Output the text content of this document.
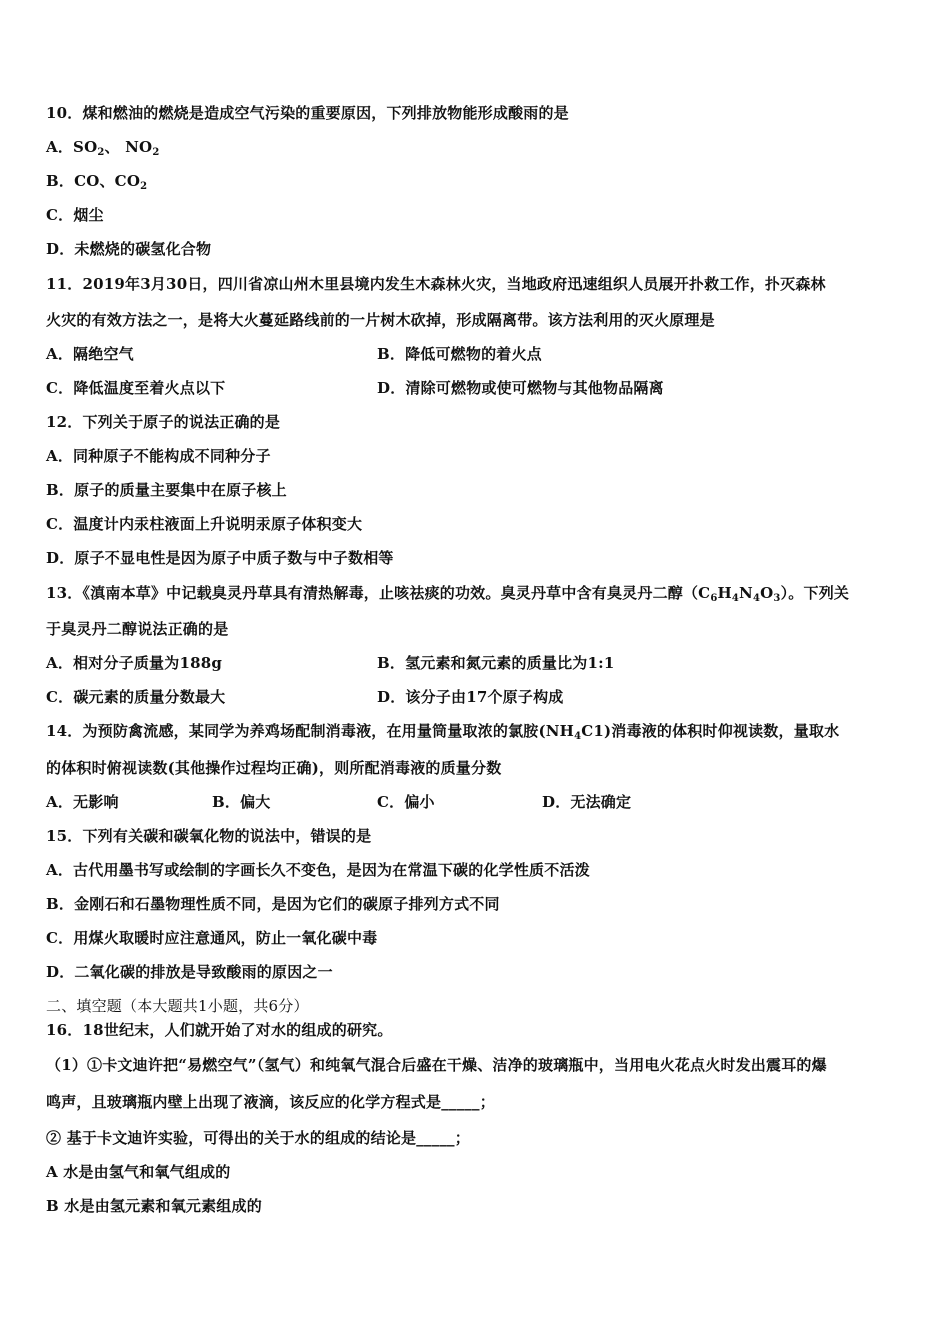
10．煤和燃油的燃烧是造成空气污染的重要原因，下列排放物能形成酸雨的是
A．$SO_2$、 $NO_2$
B．CO、$CO_2$
C．烟尘
D．未燃烧的碳氢化合物
11．2019年3月30日，四川省凉山州木里县境内发生木森林火灾，当地政府迅速组织人员展开扑救工作，扑灭森林
火灾的有效方法之一，是将大火蔓延路线前的一片树木砍掉，形成隔离带。该方法利用的灭火原理是
A．隔绝空气	B．降低可燃物的着火点
C．降低温度至着火点以下	D．清除可燃物或使可燃物与其他物品隔离
12．下列关于原子的说法正确的是
A．同种原子不能构成不同种分子
B．原子的质量主要集中在原子核上
C．温度计内汞柱液面上升说明汞原子体积变大
D．原子不显电性是因为原子中质子数与中子数相等
13．《滇南本草》中记载臭灵丹草具有清热解毒，止咳祛痰的功效。臭灵丹草中含有臭灵丹二醇$(C_6H_4N_4O_3)$。下列关
于臭灵丹二醇说法正确的是
A．相对分子质量为188g	B．氢元素和氮元素的质量比为1:1
C．碳元素的质量分数最大	D．该分子由17个原子构成
14．为预防禽流感，某同学为养鸡场配制消毒液，在用量筒量取浓的氯胺$(NH_4C1)$消毒液的体积时仰视读数，量取水
的体积时俯视读数(其他操作过程均正确)，则所配消毒液的质量分数
A．无影响	B．偏大	C．偏小	D．无法确定
15．下列有关碳和碳氧化物的说法中，错误的是
A．古代用墨书写或绘制的字画长久不变色，是因为在常温下碳的化学性质不活泼
B．金刚石和石墨物理性质不同，是因为它们的碳原子排列方式不同
C．用煤火取暖时应注意通风，防止一氧化碳中毒
D．二氧化碳的排放是导致酸雨的原因之一
二、填空题（本大题共1小题，共6分）
16．18世纪末，人们就开始了对水的组成的研究。
（1）①卡文迪许把“易燃空气”（氢气）和纯氧气混合后盛在干燥、洁净的玻璃瓶中，当用电火花点火时发出震耳的爆
鸣声，且玻璃瓶内壁上出现了液滴，该反应的化学方程式是_____；
② 基于卡文迪许实验，可得出的关于水的组成的结论是_____；
A 水是由氢气和氧气组成的
B 水是由氢元素和氧元素组成的
